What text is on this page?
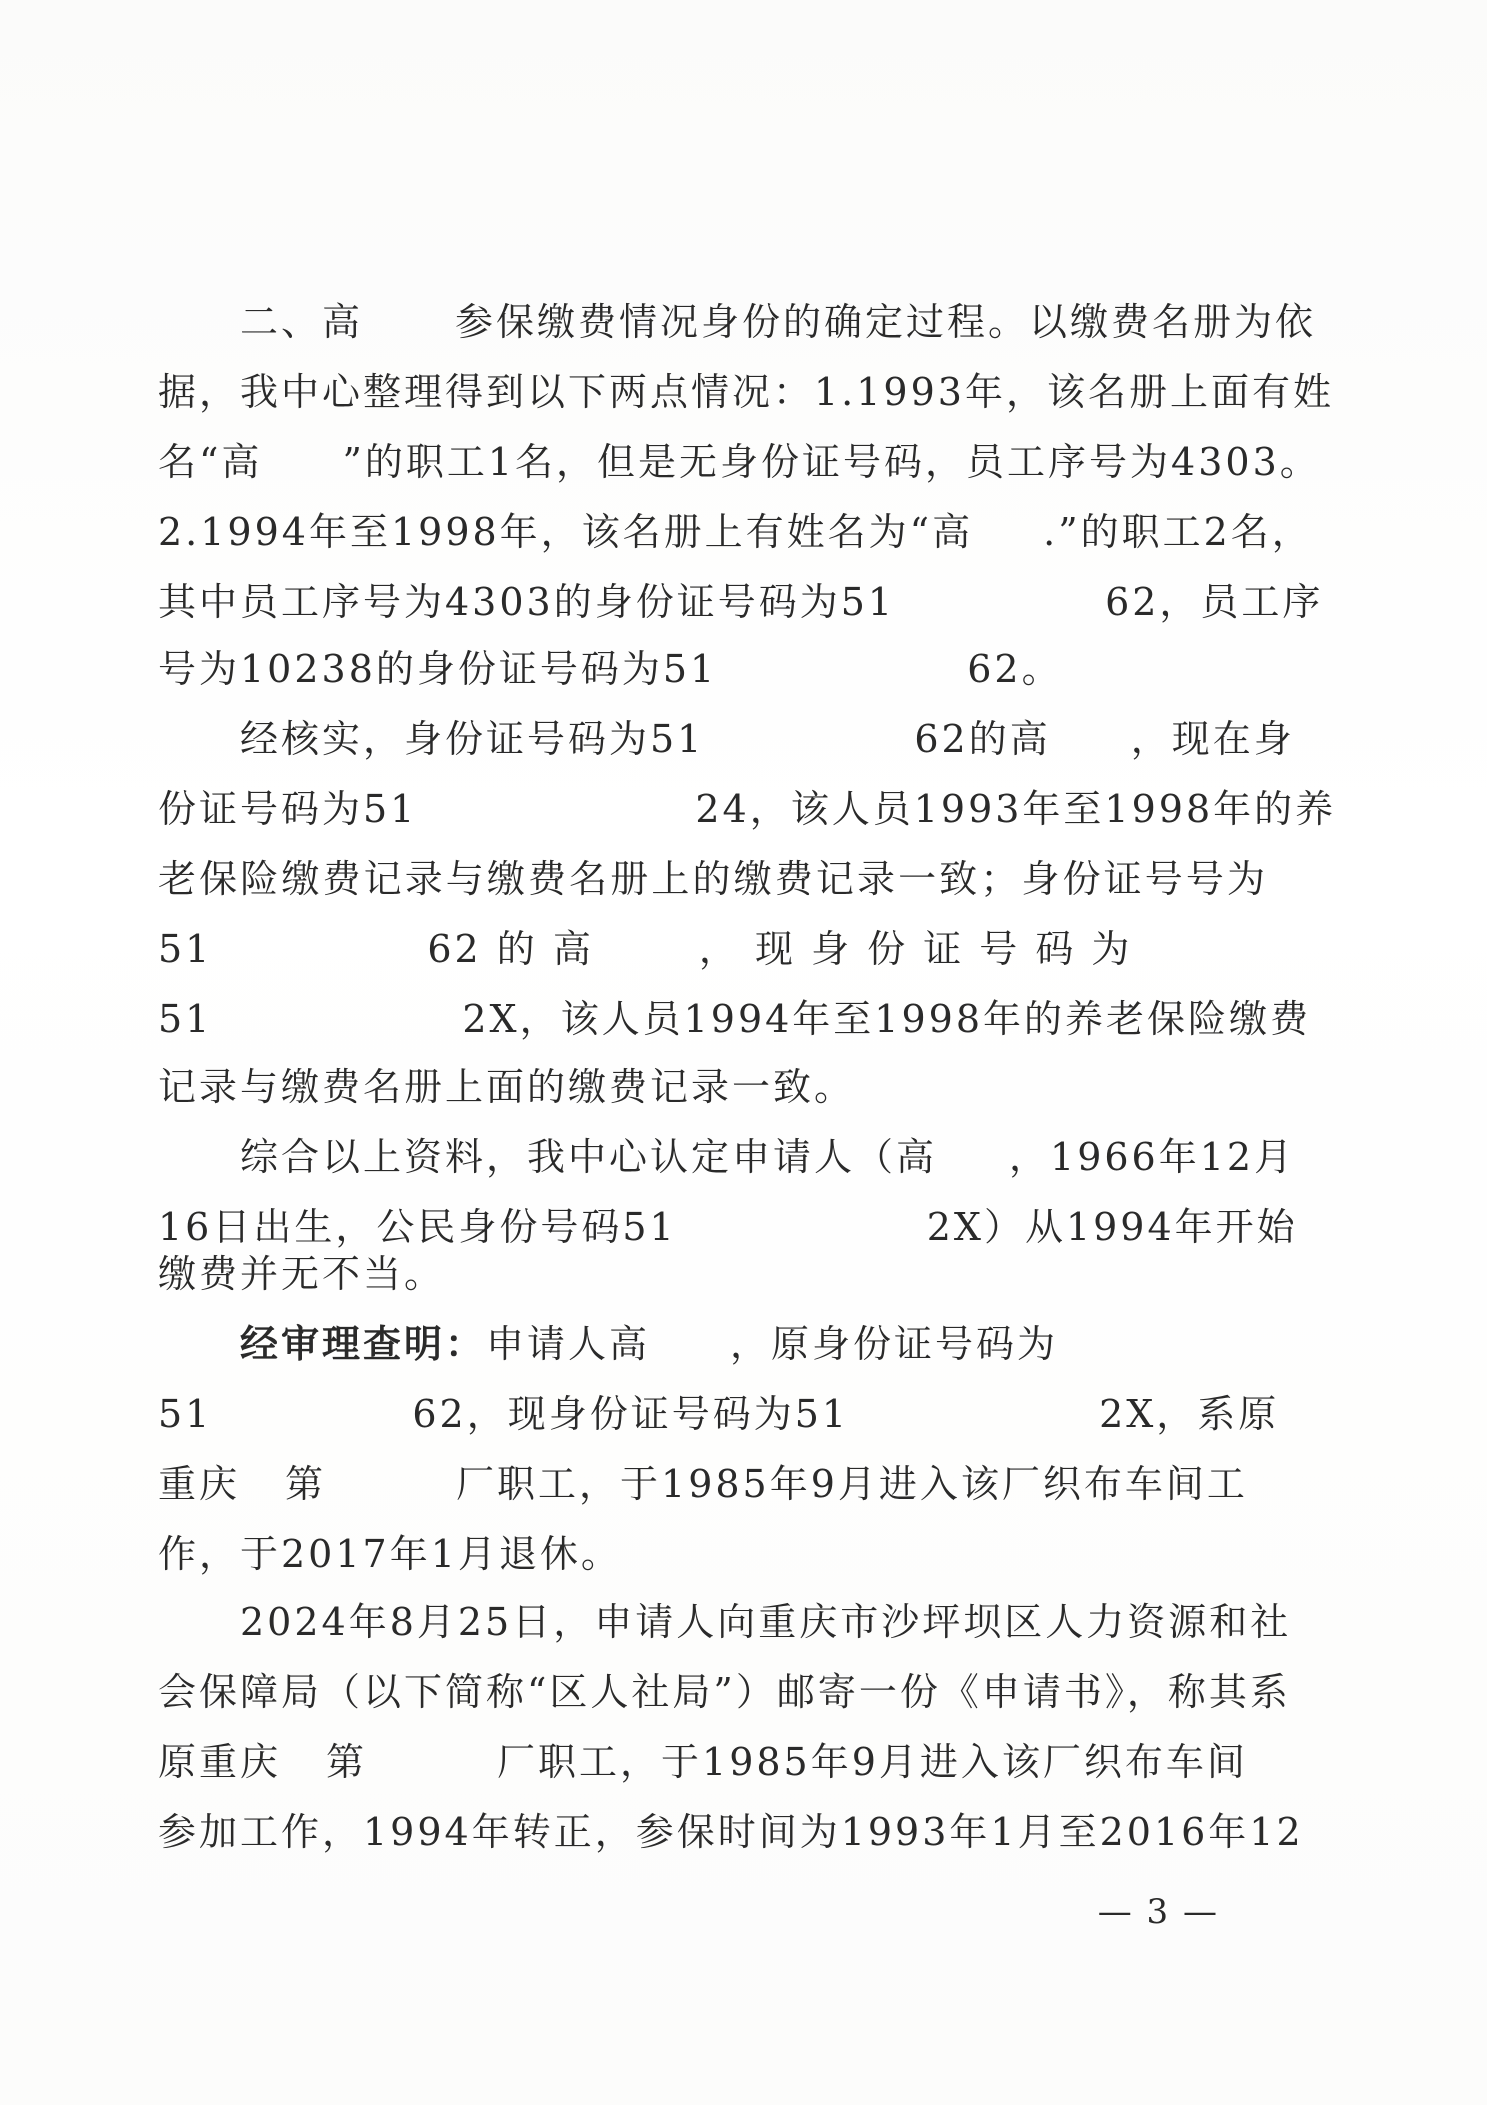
二、高 参保缴费情况身份的确定过程。以缴费名册为依
据，我中心整理得到以下两点情况：1.1993年，该名册上面有姓
名“高 ”的职工1名，但是无身份证号码，员工序号为4303。
2.1994年至1998年，该名册上有姓名为“高 .”的职工2名，
其中员工序号为4303的身份证号码为51	62，员工序
号为10238的身份证号码为51	62。
经核实，身份证号码为51	62的高 ，现在身
份证号码为51	24，该人员1993年至1998年的养
老保险缴费记录与缴费名册上的缴费记录一致；身份证号号为
51	62 的 高	， 现 身 份 证 号 码 为
51	2X，该人员1994年至1998年的养老保险缴费
记录与缴费名册上面的缴费记录一致。
综合以上资料，我中心认定申请人（高 ，1966年12月
16日出生，公民身份号码51	2X）从1994年开始
缴费并无不当。
经审理查明：申请人高 ，原身份证号码为
51	62，现身份证号码为51	2X，系原
重庆 第	厂职工，于1985年9月进入该厂织布车间工
作，于2017年1月退休。
2024年8月25日，申请人向重庆市沙坪坝区人力资源和社
会保障局（以下简称“区人社局”）邮寄一份《申请书》，称其系
原重庆 第	厂职工，于1985年9月进入该厂织布车间
参加工作，1994年转正，参保时间为1993年1月至2016年12
— 3 —
